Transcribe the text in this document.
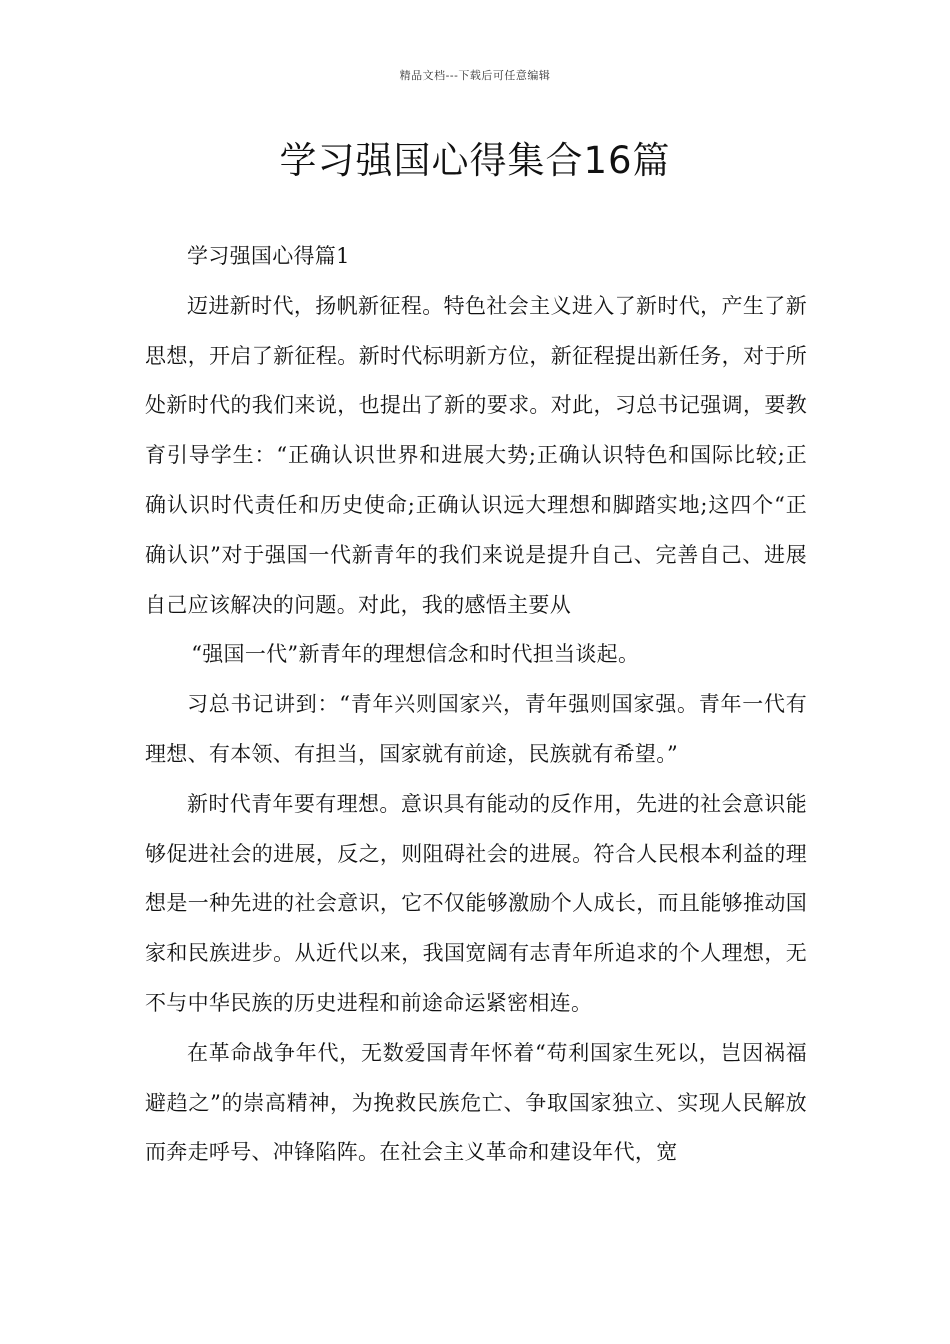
精品文档---下载后可任意编辑
学习强国心得集合16篇

学习强国心得篇1

迈进新时代，扬帆新征程。特色社会主义进入了新时代，产生了新思想，开启了新征程。新时代标明新方位，新征程提出新任务，对于所处新时代的我们来说，也提出了新的要求。对此，习总书记强调，要教育引导学生：“正确认识世界和进展大势;正确认识特色和国际比较;正确认识时代责任和历史使命;正确认识远大理想和脚踏实地;这四个“正确认识”对于强国一代新青年的我们来说是提升自己、完善自己、进展自己应该解决的问题。对此，我的感悟主要从

“强国一代”新青年的理想信念和时代担当谈起。

习总书记讲到：“青年兴则国家兴，青年强则国家强。青年一代有理想、有本领、有担当，国家就有前途，民族就有希望。”

新时代青年要有理想。意识具有能动的反作用，先进的社会意识能够促进社会的进展，反之，则阻碍社会的进展。符合人民根本利益的理想是一种先进的社会意识，它不仅能够激励个人成长，而且能够推动国家和民族进步。从近代以来，我国宽阔有志青年所追求的个人理想，无不与中华民族的历史进程和前途命运紧密相连。

在革命战争年代，无数爱国青年怀着“苟利国家生死以，岂因祸福避趋之”的崇高精神，为挽救民族危亡、争取国家独立、实现人民解放而奔走呼号、冲锋陷阵。在社会主义革命和建设年代，宽
